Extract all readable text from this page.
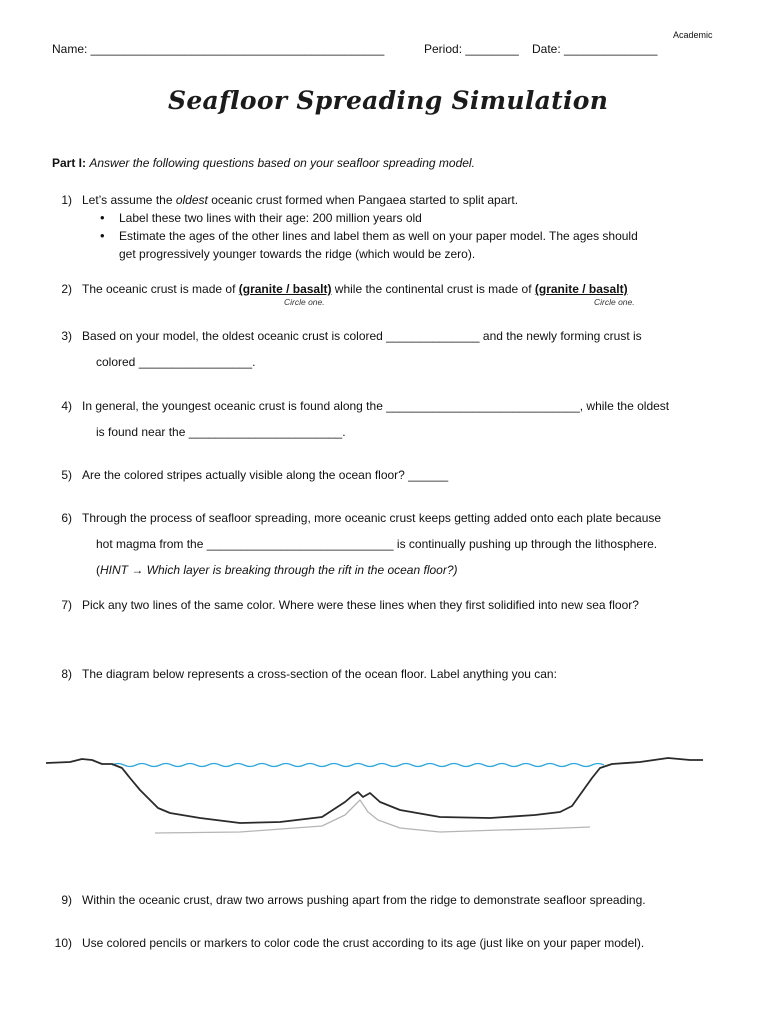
Academic
Name: ____________________________________________	Period: ________ Date: ______________
Seafloor Spreading Simulation
Part I: Answer the following questions based on your seafloor spreading model.
1) Let’s assume the oldest oceanic crust formed when Pangaea started to split apart.
• Label these two lines with their age: 200 million years old
• Estimate the ages of the other lines and label them as well on your paper model. The ages should get progressively younger towards the ridge (which would be zero).
2) The oceanic crust is made of (granite / basalt) while the continental crust is made of (granite / basalt)
Circle one.	Circle one.
3) Based on your model, the oldest oceanic crust is colored ______________ and the newly forming crust is
colored _________________.
4) In general, the youngest oceanic crust is found along the _____________________________, while the oldest
is found near the _______________________.
5) Are the colored stripes actually visible along the ocean floor? ______
6) Through the process of seafloor spreading, more oceanic crust keeps getting added onto each plate because
hot magma from the ____________________________ is continually pushing up through the lithosphere.
(HINT → Which layer is breaking through the rift in the ocean floor?)
7) Pick any two lines of the same color. Where were these lines when they first solidified into new sea floor?
8) The diagram below represents a cross-section of the ocean floor. Label anything you can:
9) Within the oceanic crust, draw two arrows pushing apart from the ridge to demonstrate seafloor spreading.
10) Use colored pencils or markers to color code the crust according to its age (just like on your paper model).
